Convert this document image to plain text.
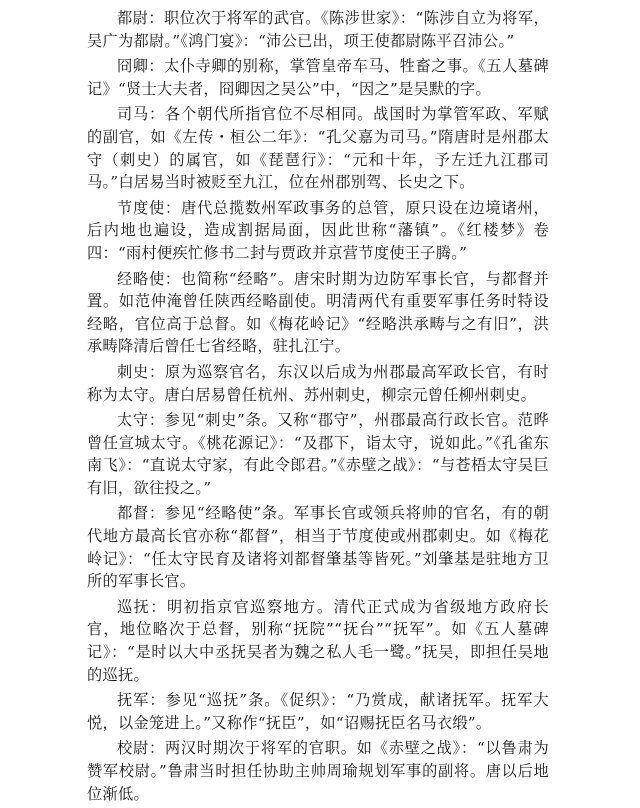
都尉：职位次于将军的武官。《陈涉世家》：“陈涉自立为将军，吴广为都尉。”《鸿门宴》：“沛公已出，项王使都尉陈平召沛公。”

冏卿：太仆寺卿的别称，掌管皇帝车马、牲畜之事。《五人墓碑记》“贤士大夫者，冏卿因之吴公”中，“因之”是吴默的字。

司马：各个朝代所指官位不尽相同。战国时为掌管军政、军赋的副官，如《左传・桓公二年》：“孔父嘉为司马。”隋唐时是州郡太守（刺史）的属官，如《琵琶行》：“元和十年，予左迁九江郡司马。”白居易当时被贬至九江，位在州郡别驾、长史之下。

节度使：唐代总揽数州军政事务的总管，原只设在边境诸州，后内地也遍设，造成割据局面，因此世称“藩镇”。《红楼梦》卷四：“雨村便疾忙修书二封与贾政并京营节度使王子腾。”

经略使：也简称“经略”。唐宋时期为边防军事长官，与都督并置。如范仲淹曾任陕西经略副使。明清两代有重要军事任务时特设经略，官位高于总督。如《梅花岭记》“经略洪承畴与之有旧”，洪承畴降清后曾任七省经略，驻扎江宁。

刺史：原为巡察官名，东汉以后成为州郡最高军政长官，有时称为太守。唐白居易曾任杭州、苏州刺史，柳宗元曾任柳州刺史。

太守：参见“刺史”条。又称“郡守”，州郡最高行政长官。范晔曾任宣城太守。《桃花源记》：“及郡下，诣太守，说如此。”《孔雀东南飞》：“直说太守家，有此令郎君。”《赤壁之战》：“与苍梧太守吴巨有旧，欲往投之。”

都督：参见“经略使”条。军事长官或领兵将帅的官名，有的朝代地方最高长官亦称“都督”，相当于节度使或州郡刺史。如《梅花岭记》：“任太守民育及诸将刘都督肇基等皆死。”刘肇基是驻地方卫所的军事长官。

巡抚：明初指京官巡察地方。清代正式成为省级地方政府长官，地位略次于总督，别称“抚院”“抚台”“抚军”。如《五人墓碑记》：“是时以大中丞抚吴者为魏之私人毛一鹭。”抚吴，即担任吴地的巡抚。

抚军：参见“巡抚”条。《促织》：“乃赏成，献诸抚军。抚军大悦，以金笼进上。”又称作“抚臣”，如“诏赐抚臣名马衣缎”。

校尉：两汉时期次于将军的官职。如《赤壁之战》：“以鲁肃为赞军校尉。”鲁肃当时担任协助主帅周瑜规划军事的副将。唐以后地位渐低。
